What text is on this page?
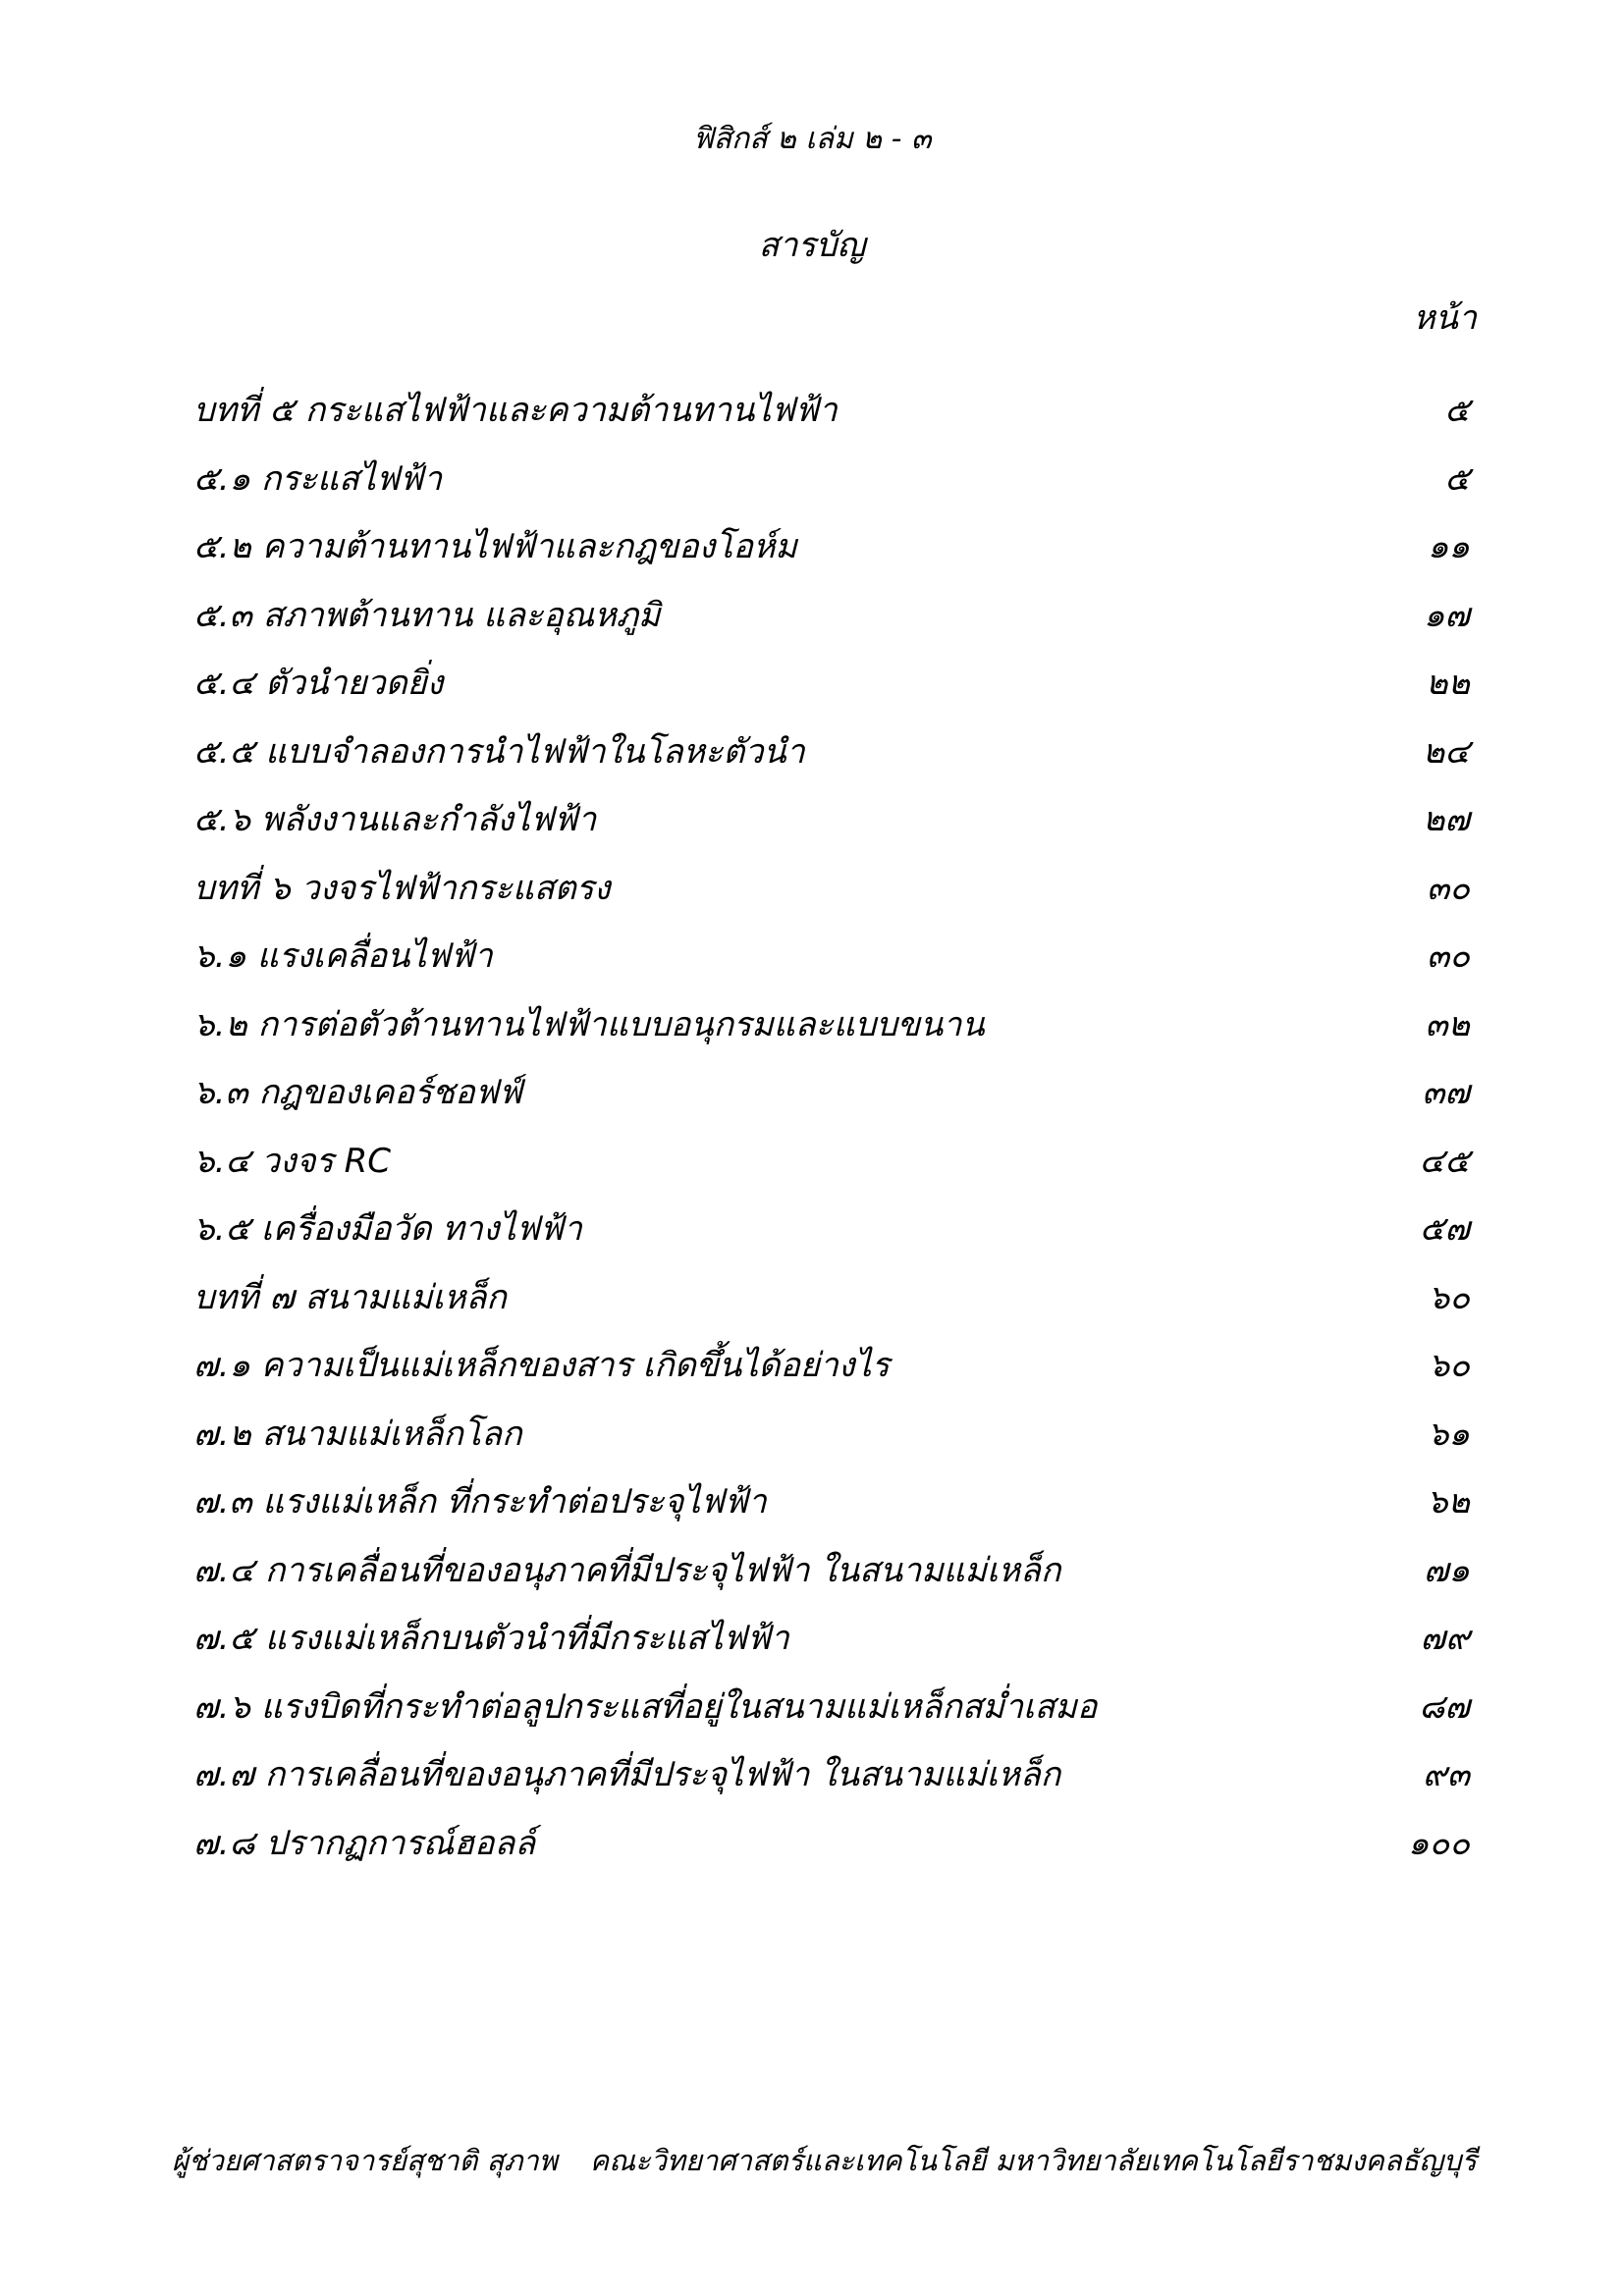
ฟิสิกส์ ๒ เล่ม ๒ - ๓
สารบัญ
หน้า
บทที่ ๕ กระแสไฟฟ้าและความต้านทานไฟฟ้า	๕
๕.๑ กระแสไฟฟ้า	๕
๕.๒ ความต้านทานไฟฟ้าและกฎของโอห์ม	๑๑
๕.๓ สภาพต้านทาน และอุณหภูมิ	๑๗
๕.๔ ตัวนำยวดยิ่ง	๒๒
๕.๕ แบบจำลองการนำไฟฟ้าในโลหะตัวนำ	๒๔
๕.๖ พลังงานและกำลังไฟฟ้า	๒๗
บทที่ ๖ วงจรไฟฟ้ากระแสตรง	๓๐
๖.๑ แรงเคลื่อนไฟฟ้า	๓๐
๖.๒ การต่อตัวต้านทานไฟฟ้าแบบอนุกรมและแบบขนาน	๓๒
๖.๓ กฎของเคอร์ชอฟฟ์	๓๗
๖.๔ วงจร RC	๔๕
๖.๕ เครื่องมือวัด ทางไฟฟ้า	๕๗
บทที่ ๗ สนามแม่เหล็ก	๖๐
๗.๑ ความเป็นแม่เหล็กของสาร เกิดขึ้นได้อย่างไร	๖๐
๗.๒ สนามแม่เหล็กโลก	๖๑
๗.๓ แรงแม่เหล็ก ที่กระทำต่อประจุไฟฟ้า	๖๒
๗.๔ การเคลื่อนที่ของอนุภาคที่มีประจุไฟฟ้า ในสนามแม่เหล็ก	๗๑
๗.๕ แรงแม่เหล็กบนตัวนำที่มีกระแสไฟฟ้า	๗๙
๗.๖ แรงบิดที่กระทำต่อลูปกระแสที่อยู่ในสนามแม่เหล็กสม่ำเสมอ	๘๗
๗.๗ การเคลื่อนที่ของอนุภาคที่มีประจุไฟฟ้า ในสนามแม่เหล็ก	๙๓
๗.๘ ปรากฏการณ์ฮอลล์	๑๐๐
ผู้ช่วยศาสตราจารย์สุชาติ สุภาพ คณะวิทยาศาสตร์และเทคโนโลยี มหาวิทยาลัยเทคโนโลยีราชมงคลธัญบุรี
